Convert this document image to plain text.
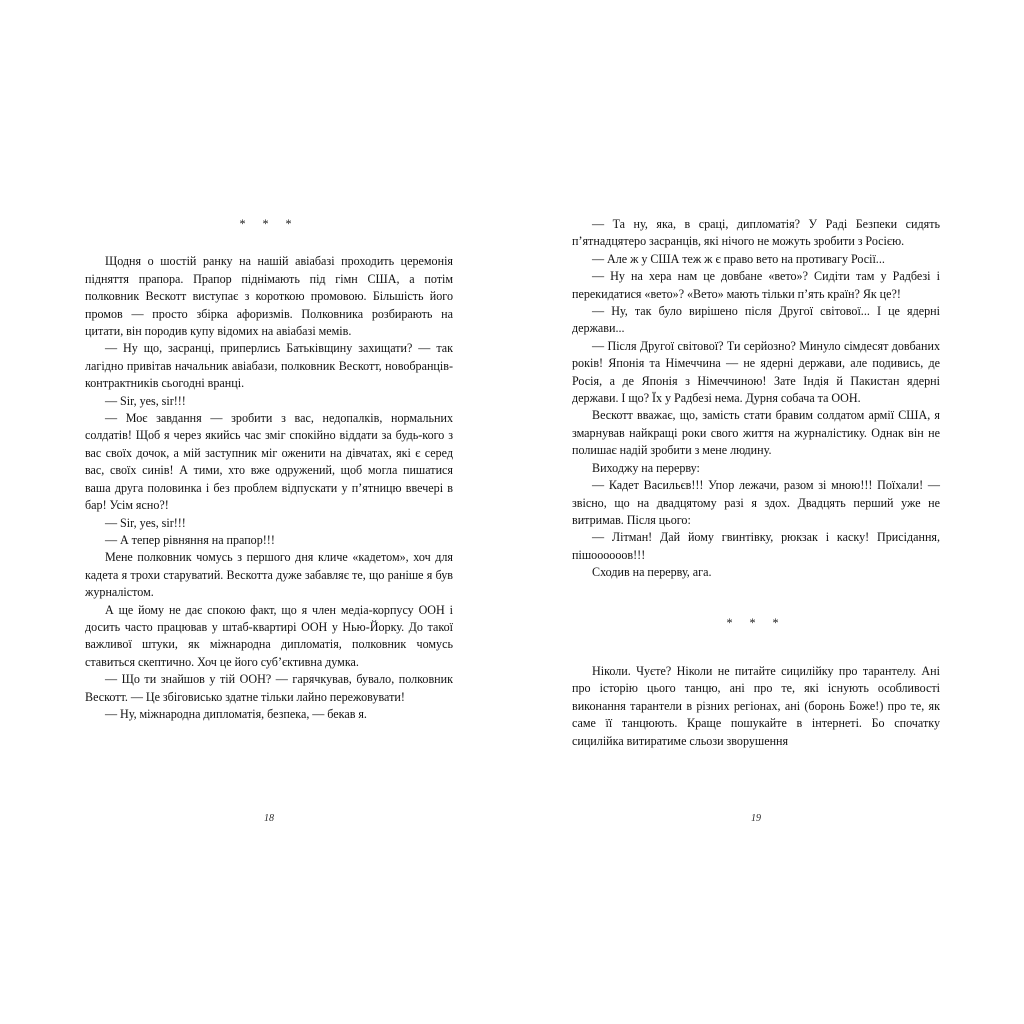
* * *

Щодня о шостій ранку на нашій авіабазі проходить церемонія підняття прапора. Прапор піднімають під гімн США, а потім полковник Вескотт виступає з короткою промовою. Більшість його промов — просто збірка афоризмів. Полковника розбирають на цитати, він породив купу відомих на авіабазі мемів.

— Ну що, засранці, приперлись Батьківщину захищати? — так лагідно привітав начальник авіабази, полковник Вескотт, новобранців-контрактників сьогодні вранці.

— Sir, yes, sir!!!

— Моє завдання — зробити з вас, недопалків, нормальних солдатів! Щоб я через якийсь час зміг спокійно віддати за будь-кого з вас своїх дочок, а мій заступник міг оженити на дівчатах, які є серед вас, своїх синів! А тими, хто вже одружений, щоб могла пишатися ваша друга половинка і без проблем відпускати у п’ятницю ввечері в бар! Усім ясно?!

— Sir, yes, sir!!!

— А тепер рівняння на прапор!!!

Мене полковник чомусь з першого дня кличе «кадетом», хоч для кадета я трохи старуватий. Вескотта дуже забавляє те, що раніше я був журналістом.

А ще йому не дає спокою факт, що я член медіа-корпусу ООН і досить часто працював у штаб-квартирі ООН у Нью-Йорку. До такої важливої штуки, як міжнародна дипломатія, полковник чомусь ставиться скептично. Хоч це його суб’єктивна думка.

— Що ти знайшов у тій ООН? — гарячкував, бувало, полковник Вескотт. — Це збіговисько здатне тільки лайно пережовувати!

— Ну, міжнародна дипломатія, безпека, — бекав я.

18

— Та ну, яка, в сраці, дипломатія? У Раді Безпеки сидять п’ятнадцятеро засранців, які нічого не можуть зробити з Росією.

— Але ж у США теж ж є право вето на противагу Росії...

— Ну на хера нам це довбане «вето»? Сидіти там у Радбезі і перекидатися «вето»? «Вето» мають тільки п’ять країн? Як це?!

— Ну, так було вирішено після Другої світової... І це ядерні держави...

— Після Другої світової? Ти серйозно? Минуло сімдесят довбаних років! Японія та Німеччина — не ядерні держави, але подивись, де Росія, а де Японія з Німеччиною! Зате Індія й Пакистан ядерні держави. І що? Їх у Радбезі нема. Дурня собача та ООН.

Вескотт вважає, що, замість стати бравим солдатом армії США, я змарнував найкращі роки свого життя на журналістику. Однак він не полишає надій зробити з мене людину.

Виходжу на перерву:

— Кадет Васильєв!!! Упор лежачи, разом зі мною!!! Поїхали! — звісно, що на двадцятому разі я здох. Двадцять перший уже не витримав. Після цього:

— Літман! Дай йому гвинтівку, рюкзак і каску! Присідання, пішоооооов!!!

Сходив на перерву, ага.

* * *

Ніколи. Чуєте? Ніколи не питайте сицилійку про тарантелу. Ані про історію цього танцю, ані про те, які існують особливості виконання тарантели в різних регіонах, ані (боронь Боже!) про те, як саме її танцюють. Краще пошукайте в інтернеті. Бо спочатку сицилійка витиратиме сльози зворушення

19
